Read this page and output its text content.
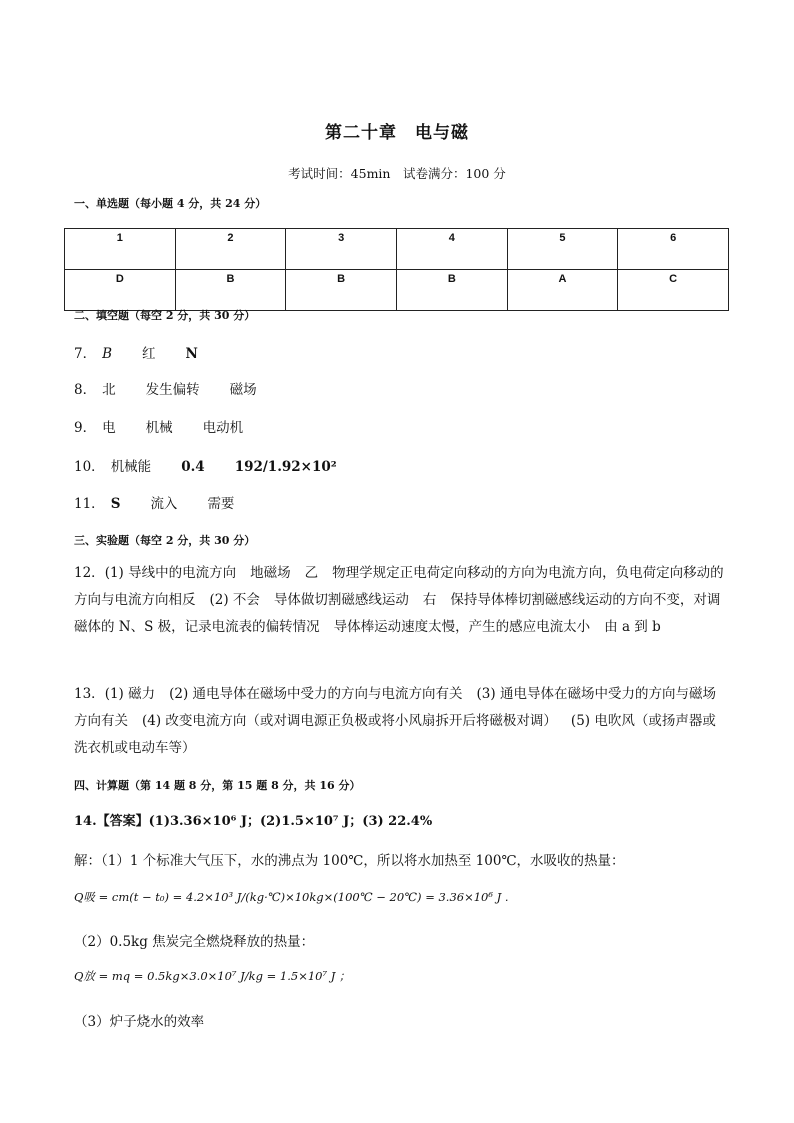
第二十章　电与磁
考试时间：45min　试卷满分：100 分
一、单选题（每小题 4 分，共 24 分）
1	2	3	4	5	6
D	B	B	B	A	C
二、填空题（每空 2 分，共 30 分）
7． B 红 N
8． 北 发生偏转 磁场
9． 电 机械 电动机
10． 机械能 0.4 192/1.92×10²
11． S 流入 需要
三、实验题（每空 2 分，共 30 分）
12．(1) 导线中的电流方向 地磁场 乙 物理学规定正电荷定向移动的方向为电流方向，负电荷定向移动的方向与电流方向相反 (2) 不会 导体做切割磁感线运动 右 保持导体棒切割磁感线运动的方向不变，对调磁体的 N、S 极，记录电流表的偏转情况 导体棒运动速度太慢，产生的感应电流太小 由 a 到 b
13．(1) 磁力 (2) 通电导体在磁场中受力的方向与电流方向有关 (3) 通电导体在磁场中受力的方向与磁场方向有关 (4) 改变电流方向（或对调电源正负极或将小风扇拆开后将磁极对调） (5) 电吹风（或扬声器或洗衣机或电动车等）
四、计算题（第 14 题 8 分，第 15 题 8 分，共 16 分）
14.【答案】(1)3.36×10⁶ J；(2)1.5×10⁷ J；(3) 22.4%
解：（1）1 个标准大气压下，水的沸点为 100℃，所以将水加热至 100℃，水吸收的热量：
Q吸 = cm(t − t₀) = 4.2×10³ J/(kg·℃)×10kg×(100℃ − 20℃) = 3.36×10⁶ J .
（2）0.5kg 焦炭完全燃烧释放的热量：
Q放 = mq = 0.5kg×3.0×10⁷ J/kg = 1.5×10⁷ J ；
（3）炉子烧水的效率
